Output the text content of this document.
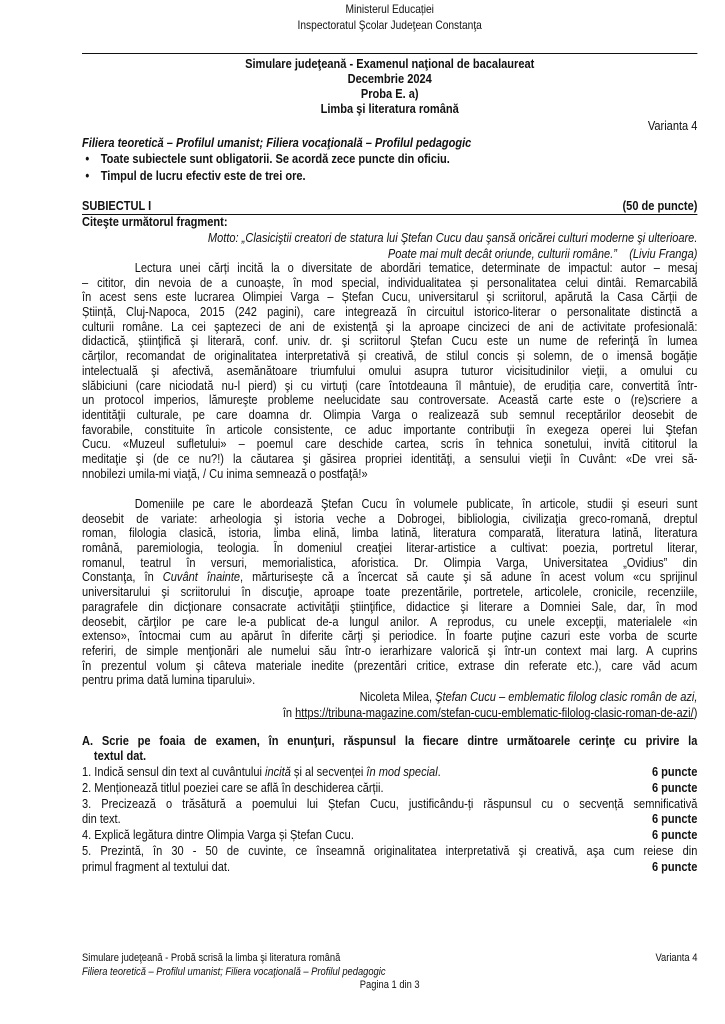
Ministerul Educației
Inspectoratul Şcolar Judeţean Constanţa
Simulare judeţeană - Examenul naţional de bacalaureat
Decembrie 2024
Proba E. a)
Limba şi literatura română
Varianta 4
Filiera teoretică – Profilul umanist; Filiera vocaţională – Profilul pedagogic
• Toate subiectele sunt obligatorii. Se acordă zece puncte din oficiu.
• Timpul de lucru efectiv este de trei ore.
SUBIECTUL I	(50 de puncte)
Citeşte următorul fragment:
Motto: „Clasiciştii creatori de statura lui Ştefan Cucu dau şansă oricărei culturi moderne şi ulterioare.
Poate mai mult decât oriunde, culturii române.” (Liviu Franga)
Lectura unei cărți incită la o diversitate de abordări tematice, determinate de impactul: autor – mesaj
– cititor, din nevoia de a cunoaște, în mod special, individualitatea și personalitatea celui dintâi. Remarcabilă
în acest sens este lucrarea Olimpiei Varga – Ștefan Cucu, universitarul și scriitorul, apărută la Casa Cărții de
Știință, Cluj-Napoca, 2015 (242 pagini), care integrează în circuitul istorico-literar o personalitate distinctă a
culturii române. La cei şaptezeci de ani de existenţă şi la aproape cincizeci de ani de activitate profesională:
didactică, ştiinţifică şi literară, conf. univ. dr. şi scriitorul Ştefan Cucu este un nume de referinţă în lumea
cărților, recomandat de originalitatea interpretativă și creativă, de stilul concis și solemn, de o imensă bogăție
intelectuală şi afectivă, asemănătoare triumfului omului asupra tuturor vicisitudinilor vieţii, a omului cu
slăbiciuni (care niciodată nu-l pierd) şi cu virtuţi (care întotdeauna îl mântuie), de erudiția care, convertită într-
un protocol imperios, lămureşte probleme neelucidate sau controversate. Această carte este o (re)scriere a
identităţii culturale, pe care doamna dr. Olimpia Varga o realizează sub semnul receptărilor deosebit de
favorabile, constituite în articole consistente, ce aduc importante contribuţii în exegeza operei lui Ştefan
Cucu. «Muzeul sufletului» – poemul care deschide cartea, scris în tehnica sonetului, invită cititorul la
meditaţie şi (de ce nu?!) la căutarea şi găsirea propriei identităţi, a sensului vieţii în Cuvânt: «De vrei să-
nnobilezi umila-mi viaţă, / Cu inima semnează o postfaţă!»
Domeniile pe care le abordează Ştefan Cucu în volumele publicate, în articole, studii şi eseuri sunt
deosebit de variate: arheologia şi istoria veche a Dobrogei, bibliologia, civilizaţia greco-romană, dreptul
roman, filologia clasică, istoria, limba elină, limba latină, literatura comparată, literatura latină, literatura
română, paremiologia, teologia. În domeniul creaţiei literar-artistice a cultivat: poezia, portretul literar,
romanul, teatrul în versuri, memorialistica, aforistica. Dr. Olimpia Varga, Universitatea „Ovidius” din
Constanţa, în Cuvânt înainte, mărturiseşte că a încercat să caute şi să adune în acest volum «cu sprijinul
universitarului şi scriitorului în discuţie, aproape toate prezentările, portretele, articolele, cronicile, recenziile,
paragrafele din dicţionare consacrate activităţii ştiinţifice, didactice şi literare a Domniei Sale, dar, în mod
deosebit, cărţilor pe care le-a publicat de-a lungul anilor. A reprodus, cu unele excepţii, materialele «in
extenso», întocmai cum au apărut în diferite cărţi şi periodice. În foarte puţine cazuri este vorba de scurte
referiri, de simple menţionări ale numelui său într-o ierarhizare valorică şi într-un context mai larg. A cuprins
în prezentul volum şi câteva materiale inedite (prezentări critice, extrase din referate etc.), care văd acum
pentru prima dată lumina tiparului».
Nicoleta Milea, Ştefan Cucu – emblematic filolog clasic român de azi,
în https://tribuna-magazine.com/stefan-cucu-emblematic-filolog-clasic-roman-de-azi/)
A. Scrie pe foaia de examen, în enunţuri, răspunsul la fiecare dintre următoarele cerinţe cu privire la
textul dat.
6 puncte
1. Indică sensul din text al cuvântului incită și al secvenței în mod special.
6 puncte
2. Menționează titlul poeziei care se află în deschiderea cărții.
3. Precizează o trăsătură a poemului lui Ștefan Cucu, justificându-ți răspunsul cu o secvență semnificativă
6 puncte
din text.
6 puncte
4. Explică legătura dintre Olimpia Varga și Ștefan Cucu.
5. Prezintă, în 30 - 50 de cuvinte, ce înseamnă originalitatea interpretativă şi creativă, aşa cum reiese din
6 puncte
primul fragment al textului dat.
Simulare judeţeană - Probă scrisă la limba şi literatura română	Varianta 4
Filiera teoretică – Profilul umanist; Filiera vocaţională – Profilul pedagogic
Pagina 1 din 3
